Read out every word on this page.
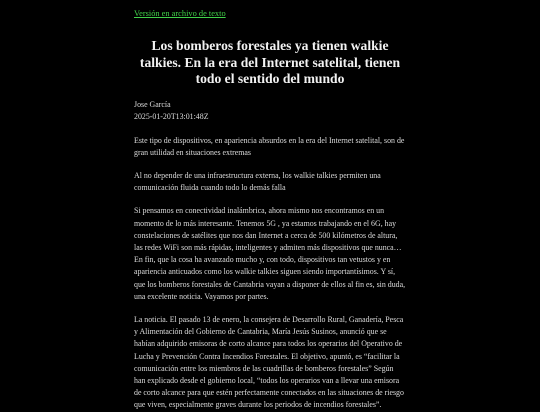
Versión en archivo de texto
Los bomberos forestales ya tienen walkie talkies. En la era del Internet satelital, tienen todo el sentido del mundo
Jose García
2025-01-20T13:01:48Z

Este tipo de dispositivos, en apariencia absurdos en la era del Internet satelital, son de gran utilidad en situaciones extremas

Al no depender de una infraestructura externa, los walkie talkies permiten una comunicación fluida cuando todo lo demás falla

Si pensamos en conectividad inalámbrica, ahora mismo nos encontramos en un momento de lo más interesante. Tenemos 5G , ya estamos trabajando en el 6G, hay constelaciones de satélites que nos dan Internet a cerca de 500 kilómetros de altura, las redes WiFi son más rápidas, inteligentes y admiten más dispositivos que nunca… En fin, que la cosa ha avanzado mucho y, con todo, dispositivos tan vetustos y en apariencia anticuados como los walkie talkies siguen siendo importantísimos. Y sí, que los bomberos forestales de Cantabria vayan a disponer de ellos al fin es, sin duda, una excelente noticia. Vayamos por partes.

La noticia. El pasado 13 de enero, la consejera de Desarrollo Rural, Ganadería, Pesca y Alimentación del Gobierno de Cantabria, María Jesús Susinos, anunció que se habían adquirido emisoras de corto alcance para todos los operarios del Operativo de Lucha y Prevención Contra Incendios Forestales. El objetivo, apuntó, es “facilitar la comunicación entre los miembros de las cuadrillas de bomberos forestales” Según han explicado desde el gobierno local, “todos los operarios van a llevar una emisora de corto alcance para que estén perfectamente conectados en las situaciones de riesgo que viven, especialmente graves durante los periodos de incendios forestales”.
